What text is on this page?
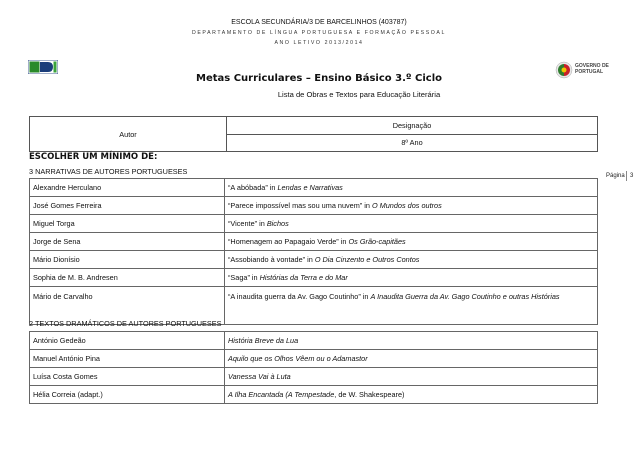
ESCOLA SECUNDÁRIA/3 DE BARCELINHOS (403787)
DEPARTAMENTO DE LÍNGUA PORTUGUESA E FORMAÇÃO PESSOAL
ANO LETIVO 2013/2014
GOVERNO DE PORTUGAL
Metas Curriculares – Ensino Básico 3.º Ciclo
Lista de Obras e Textos para Educação Literária
Página 3
Autor	Designação
8º Ano
ESCOLHER UM MÍNIMO DE:
3 NARRATIVAS DE AUTORES PORTUGUESES
Alexandre Herculano	“A abóbada” in Lendas e Narrativas
José Gomes Ferreira	“Parece impossível mas sou uma nuvem” in O Mundos dos outros
Miguel Torga	“Vicente” in Bichos
Jorge de Sena	“Homenagem ao Papagaio Verde” in Os Grão-capitães
Mário Dionísio	“Assobiando à vontade” in O Dia Cinzento e Outros Contos
Sophia de M. B. Andresen	“Saga” in Histórias da Terra e do Mar
Mário de Carvalho	“A inaudita guerra da Av. Gago Coutinho” in A Inaudita Guerra da Av. Gago Coutinho e outras Histórias
2 TEXTOS DRAMÁTICOS DE AUTORES PORTUGUESES
António Gedeão	História Breve da Lua
Manuel António Pina	Aquilo que os Olhos Vêem ou o Adamastor
Luísa Costa Gomes	Vanessa Vai à Luta
Hélia Correia (adapt.)	A Ilha Encantada (A Tempestade, de W. Shakespeare)
